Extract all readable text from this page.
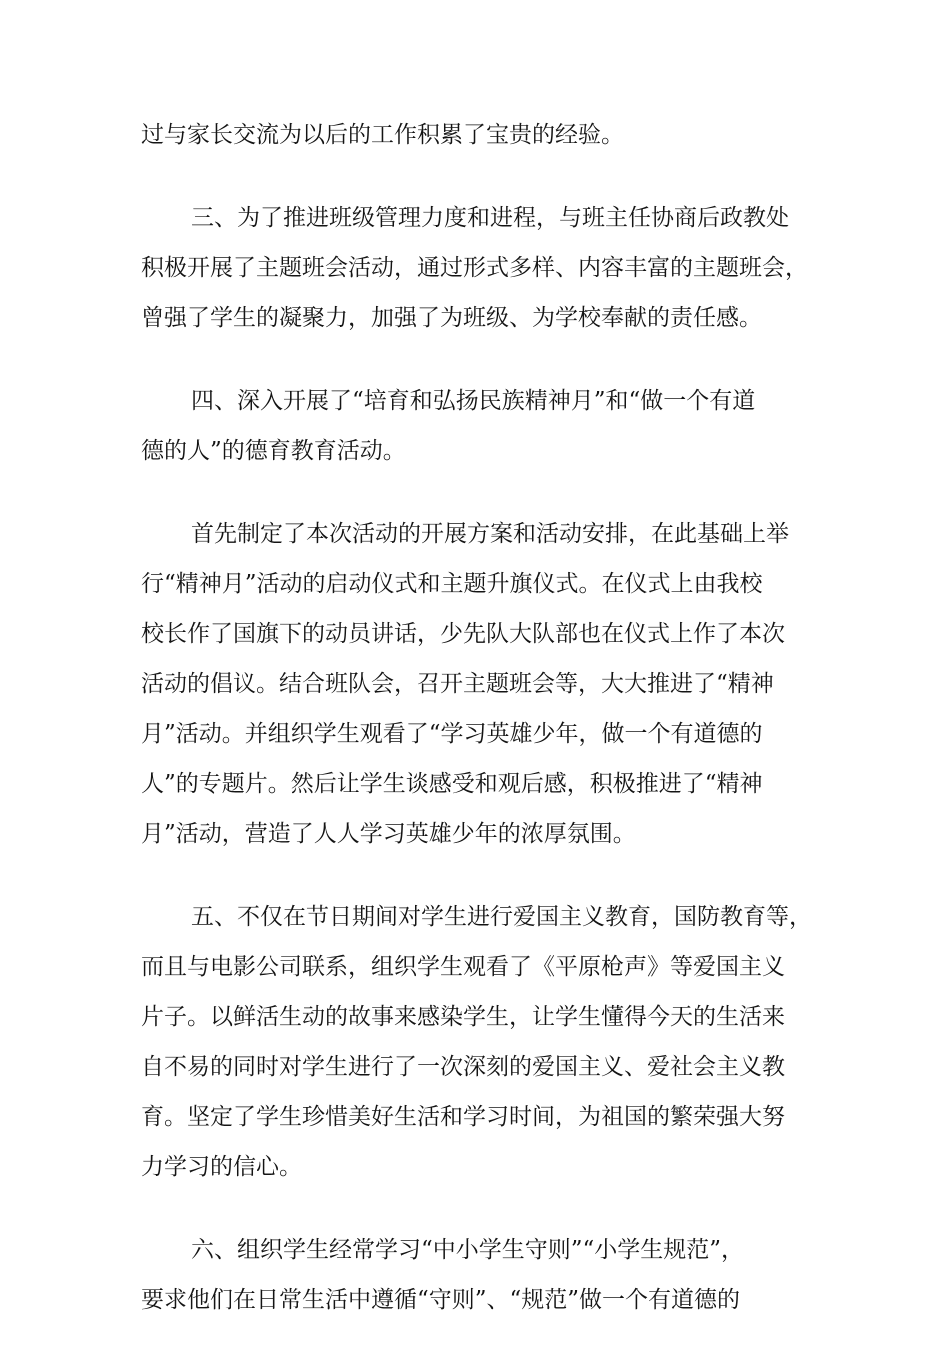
过与家长交流为以后的工作积累了宝贵的经验。

三、为了推进班级管理力度和进程，与班主任协商后政教处
积极开展了主题班会活动，通过形式多样、内容丰富的主题班会，
曾强了学生的凝聚力，加强了为班级、为学校奉献的责任感。

四、深入开展了“培育和弘扬民族精神月”和“做一个有道
德的人”的德育教育活动。

首先制定了本次活动的开展方案和活动安排，在此基础上举
行“精神月”活动的启动仪式和主题升旗仪式。在仪式上由我校
校长作了国旗下的动员讲话，少先队大队部也在仪式上作了本次
活动的倡议。结合班队会，召开主题班会等，大大推进了“精神
月”活动。并组织学生观看了“学习英雄少年，做一个有道德的
人”的专题片。然后让学生谈感受和观后感，积极推进了“精神
月”活动，营造了人人学习英雄少年的浓厚氛围。

五、不仅在节日期间对学生进行爱国主义教育，国防教育等，
而且与电影公司联系，组织学生观看了《平原枪声》等爱国主义
片子。以鲜活生动的故事来感染学生，让学生懂得今天的生活来
自不易的同时对学生进行了一次深刻的爱国主义、爱社会主义教
育。坚定了学生珍惜美好生活和学习时间，为祖国的繁荣强大努
力学习的信心。

六、组织学生经常学习“中小学生守则”“小学生规范”，
要求他们在日常生活中遵循“守则”、“规范”做一个有道德的
